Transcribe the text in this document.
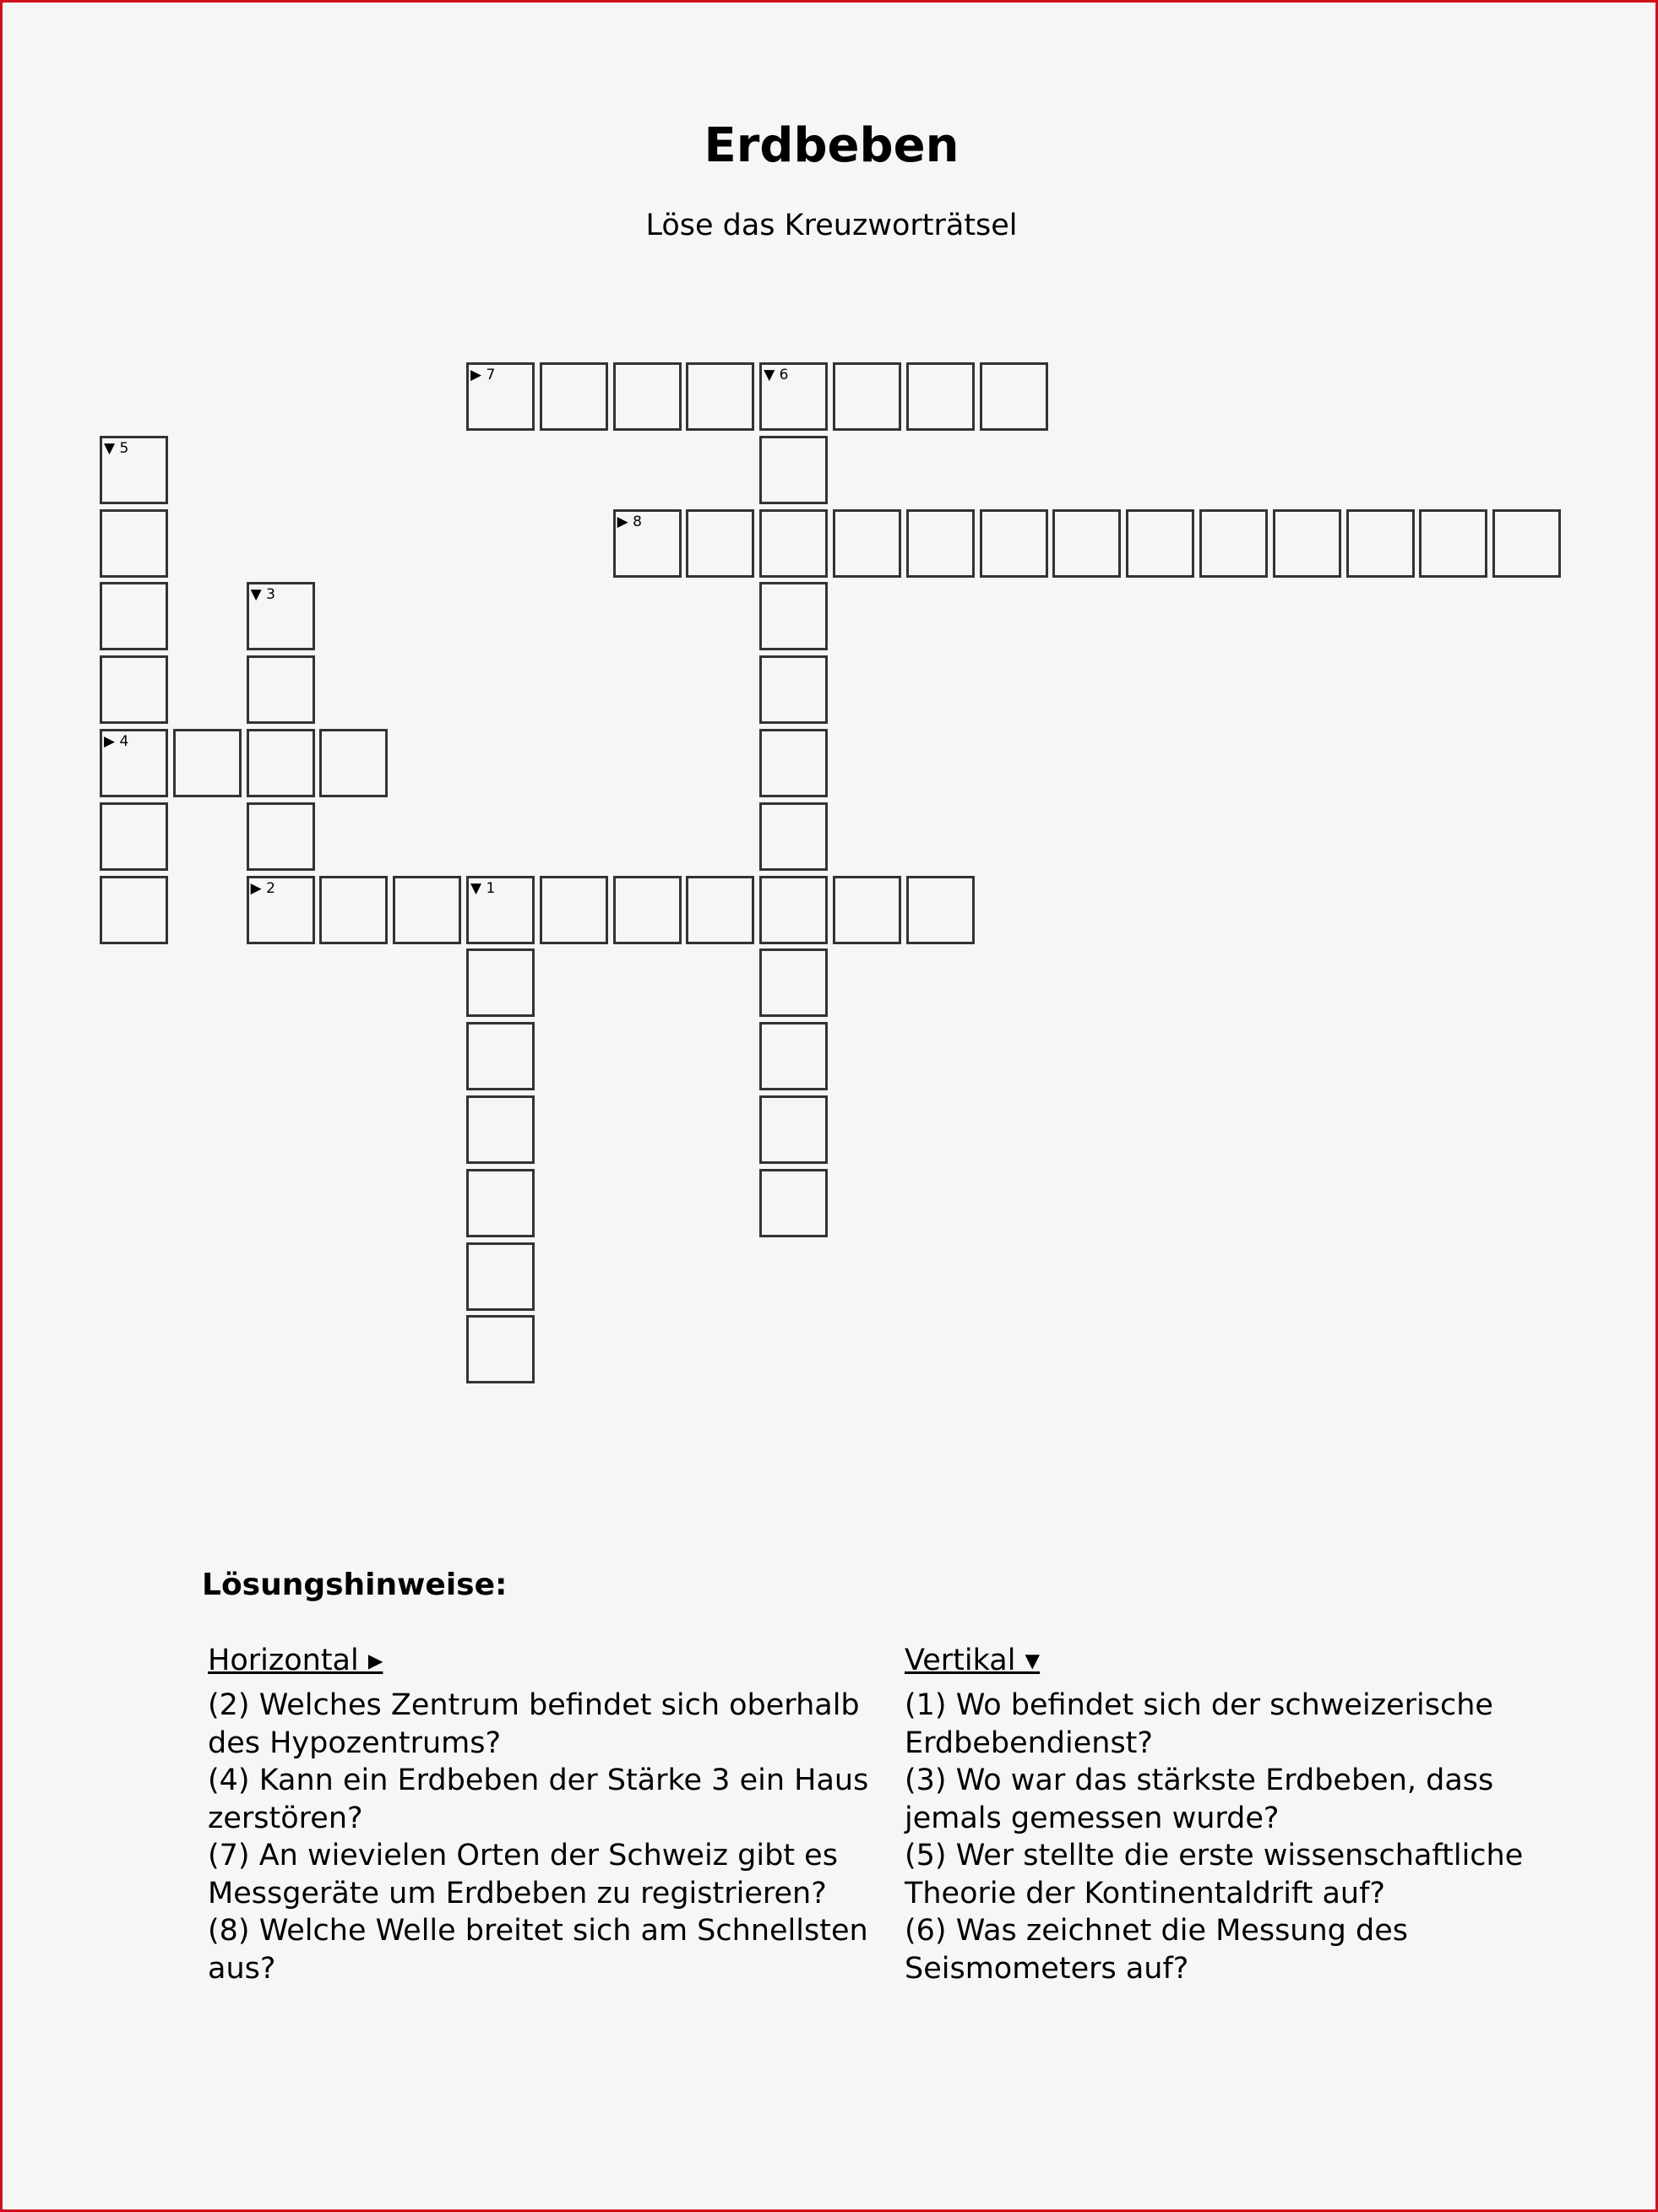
Erdbeben
Löse das Kreuzworträtsel
▶ 7	▼ 6
▼ 5
▶ 4
▶ 8
▼ 3
▶ 2	▼ 1
Lösungshinweise:
Horizontal ▸
(2) Welches Zentrum befindet sich oberhalb des Hypozentrums?
(4) Kann ein Erdbeben der Stärke 3 ein Haus zerstören?
(7) An wievielen Orten der Schweiz gibt es Messgeräte um Erdbeben zu registrieren?
(8) Welche Welle breitet sich am Schnellsten aus?
Vertikal ▾
(1) Wo befindet sich der schweizerische Erdbebendienst?
(3) Wo war das stärkste Erdbeben, dass jemals gemessen wurde?
(5) Wer stellte die erste wissenschaftliche Theorie der Kontinentaldrift auf?
(6) Was zeichnet die Messung des Seismometers auf?
